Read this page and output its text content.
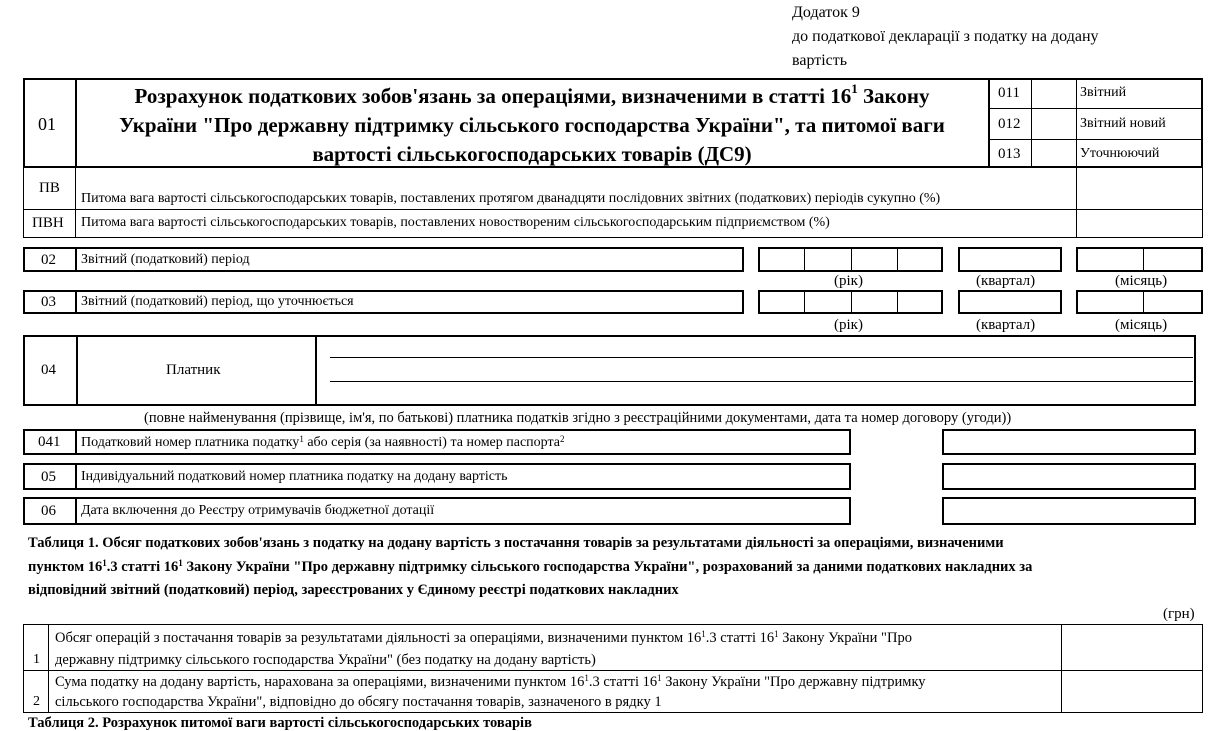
Додаток 9
до податкової декларації з податку на додану
вартість
01
Розрахунок податкових зобов'язань за операціями, визначеними в статті $16^1$ Закону
України "Про державну підтримку сільського господарства України", та питомої ваги
вартості сільськогосподарських товарів (ДС9)
011	Звітний
012	Звітний новий
013	Уточнюючий
ПВ
Питома вага вартості сільськогосподарських товарів, поставлених протягом дванадцяти послідовних звітних (податкових) періодів сукупно (%)
ПВН Питома вага вартості сільськогосподарських товарів, поставлених новоствореним сільськогосподарським підприємством (%)
02 Звітний (податковий) період
(рік)	(квартал)	(місяць)
03 Звітний (податковий) період, що уточнюється
(рік)	(квартал)	(місяць)
04	Платник
(повне найменування (прізвище, ім'я, по батькові) платника податків згідно з реєстраційними документами, дата та номер договору (угоди))
041 Податковий номер платника податку$^1$ або серія (за наявності) та номер паспорта$^2$
05 Індивідуальний податковий номер платника податку на додану вартість
06 Дата включення до Реєстру отримувачів бюджетної дотації
Таблиця 1. Обсяг податкових зобов'язань з податку на додану вартість з постачання товарів за результатами діяльності за операціями, визначеними
пунктом $16^1.3$ статті $16^1$ Закону України "Про державну підтримку сільського господарства України", розрахований за даними податкових накладних за
відповідний звітний (податковий) період, зареєстрованих у Єдиному реєстрі податкових накладних
(грн)
1
Обсяг операцій з постачання товарів за результатами діяльності за операціями, визначеними пунктом $16^1.3$ статті $16^1$ Закону України "Про
державну підтримку сільського господарства України" (без податку на додану вартість)
2
Сума податку на додану вартість, нарахована за операціями, визначеними пунктом $16^1.3$ статті $16^1$ Закону України "Про державну підтримку
сільського господарства України", відповідно до обсягу постачання товарів, зазначеного в рядку 1
Таблиця 2. Розрахунок питомої ваги вартості сільськогосподарських товарів
